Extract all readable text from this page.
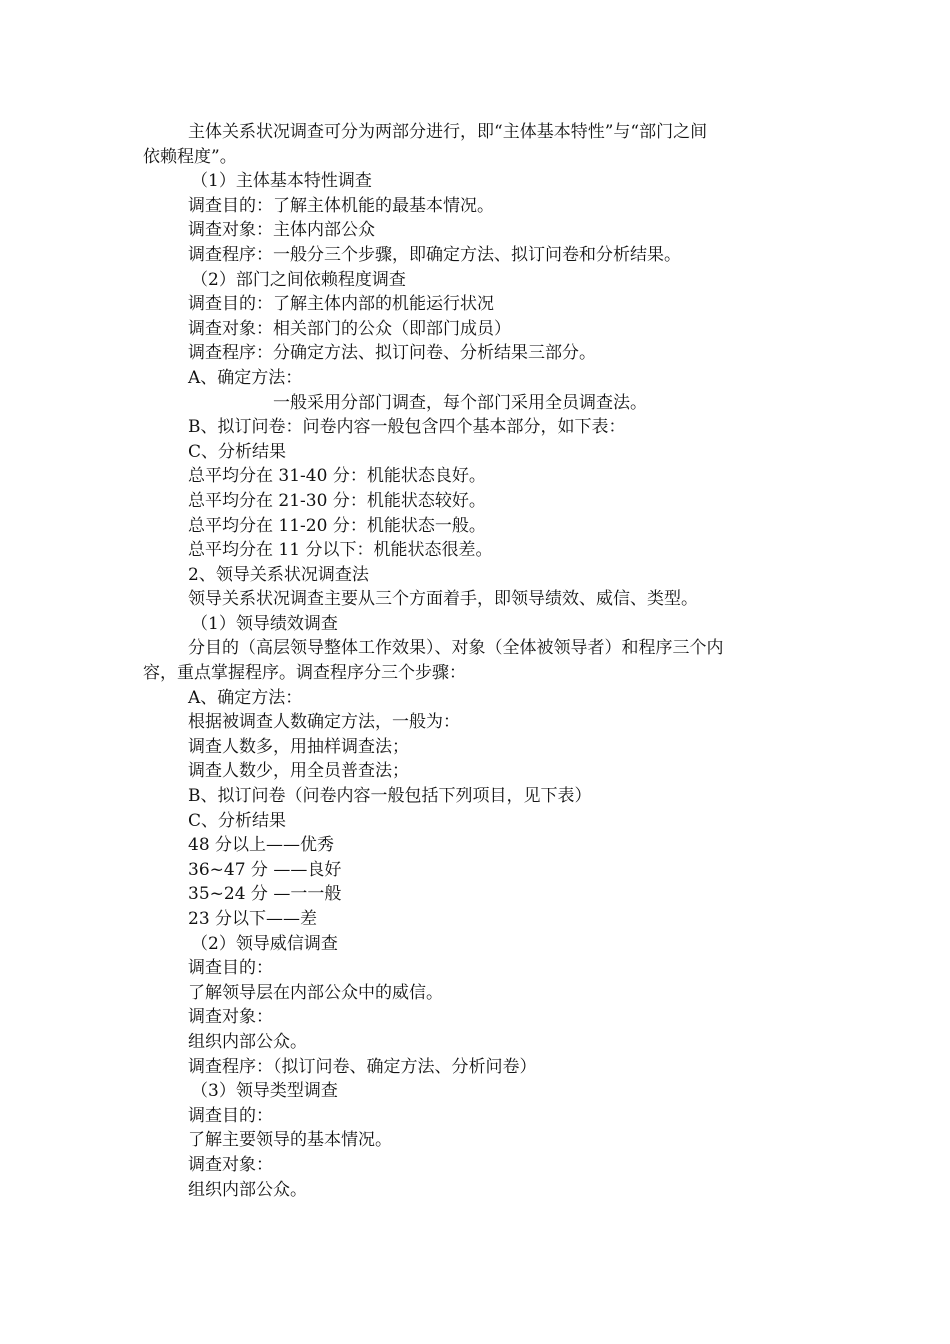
主体关系状况调查可分为两部分进行，即“主体基本特性”与“部门之间
依赖程度”。
（1）主体基本特性调查
调查目的：了解主体机能的最基本情况。
调查对象：主体内部公众
调查程序：一般分三个步骤，即确定方法、拟订问卷和分析结果。
（2）部门之间依赖程度调查
调查目的：了解主体内部的机能运行状况
调查对象：相关部门的公众（即部门成员）
调查程序：分确定方法、拟订问卷、分析结果三部分。
A、确定方法：
一般采用分部门调查，每个部门采用全员调查法。
B、拟订问卷：问卷内容一般包含四个基本部分，如下表：
C、分析结果
总平均分在 31-40 分：机能状态良好。
总平均分在 21-30 分：机能状态较好。
总平均分在 11-20 分：机能状态一般。
总平均分在 11 分以下：机能状态很差。
2、领导关系状况调查法
领导关系状况调查主要从三个方面着手，即领导绩效、威信、类型。
（1）领导绩效调查
分目的（高层领导整体工作效果）、对象（全体被领导者）和程序三个内
容，重点掌握程序。调查程序分三个步骤：
A、确定方法：
根据被调查人数确定方法，一般为：
调查人数多，用抽样调查法；
调查人数少，用全员普查法；
B、拟订问卷（问卷内容一般包括下列项目，见下表）
C、分析结果
48 分以上——优秀
36~47 分 ——良好
35~24 分 —一一般
23 分以下——差
（2）领导威信调查
调查目的：
了解领导层在内部公众中的威信。
调查对象：
组织内部公众。
调查程序：（拟订问卷、确定方法、分析问卷）
（3）领导类型调查
调查目的：
了解主要领导的基本情况。
调查对象：
组织内部公众。
